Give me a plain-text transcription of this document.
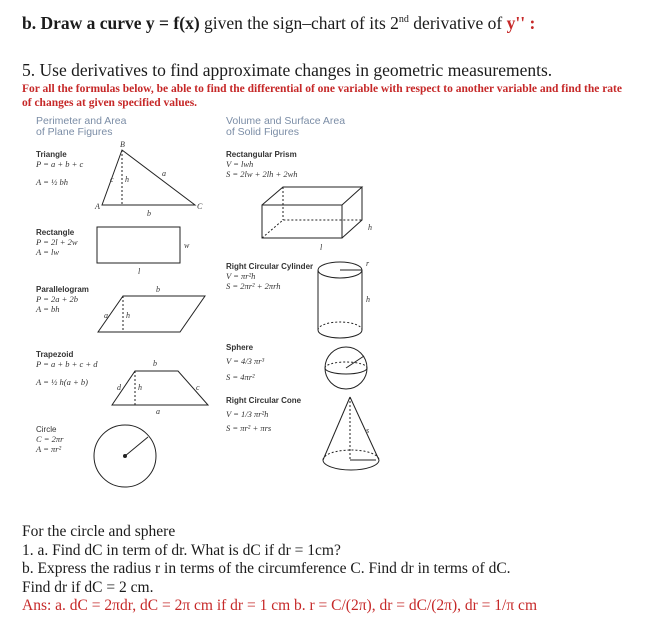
b. Draw a curve y = f(x) given the sign–chart of its 2nd derivative of y'' :
5. Use derivatives to find approximate changes in geometric measurements.
For all the formulas below, be able to find the differential of one variable with respect to another variable and find the rate of changes at given specified values.
Perimeter and Area
of Plane Figures
Volume and Surface Area
of Solid Figures
Triangle
P = a + b + c
A = ½ bh
Rectangle
P = 2l + 2w
A = lw
Parallelogram
P = 2a + 2b
A = bh
Trapezoid
P = a + b + c + d
A = ½ h(a + b)
Circle
C = 2πr
A = πr²
Rectangular Prism
V = lwh
S = 2lw + 2lh + 2wh
Right Circular Cylinder
V = πr²h
S = 2πr² + 2πrh
Sphere
V = 4/3 πr³
S = 4πr²
Right Circular Cone
V = 1/3 πr²h
S = πr² + πrs
B
A	C
c h
a
b
w
l
b
a h
b
d h	c
a
h
l
h
r
s
For the circle and sphere
1. a. Find dC in term of dr. What is dC if dr = 1cm?
b. Express the radius r in terms of the circumference C. Find dr in terms of dC.
Find dr if dC = 2 cm.
Ans: a. dC = 2πdr, dC = 2π cm if dr = 1 cm b. r = C/(2π), dr = dC/(2π), dr = 1/π cm
